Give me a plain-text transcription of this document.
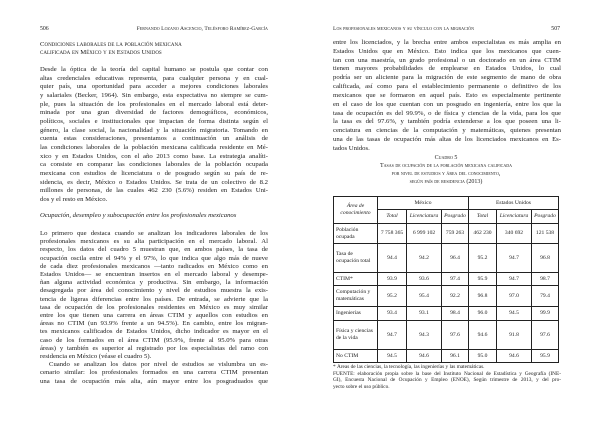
506	Fernando Lozano Ascencio, Telésforo Ramírez-García
Condiciones laborales de la población mexicana
calificada en México y en Estados Unidos
Desde la óptica de la teoría del capital humano se postula que contar con
altas credenciales educativas representa, para cualquier persona y en cual-
quier país, una oportunidad para acceder a mejores condiciones laborales
y salariales (Becker, 1964). Sin embargo, esta expectativa no siempre se cum-
ple, pues la situación de los profesionales en el mercado laboral está deter-
minada por una gran diversidad de factores demográficos, económicos,
políticos, sociales e institucionales que impactan de forma distinta según el
género, la clase social, la nacionalidad y la situación migratoria. Tomando en
cuenta estas consideraciones, presentamos a continuación un análisis de
las condiciones laborales de la población mexicana calificada residente en Mé-
xico y en Estados Unidos, con el año 2013 como base. La estrategia analíti-
ca consiste en comparar las condiciones laborales de la población ocupada
mexicana con estudios de licenciatura o de posgrado según su país de re-
sidencia, es decir, México o Estados Unidos. Se trata de un colectivo de 8.2
millones de personas, de las cuales 462 230 (5.6%) residen en Estados Uni-
dos y el resto en México.
Ocupación, desempleo y subocupación entre los profesionales mexicanos
Lo primero que destaca cuando se analizan los indicadores laborales de los
profesionales mexicanos es su alta participación en el mercado laboral. Al
respecto, los datos del cuadro 5 muestran que, en ambos países, la tasa de
ocupación oscila entre el 94% y el 97%, lo que indica que algo más de nueve
de cada diez profesionales mexicanos —tanto radicados en México como en
Estados Unidos— se encuentran insertos en el mercado laboral y desempe-
ñan alguna actividad económica y productiva. Sin embargo, la información
desagregada por área del conocimiento y nivel de estudios muestra la exis-
tencia de ligeras diferencias entre los países. De entrada, se advierte que la
tasa de ocupación de los profesionales residentes en México es muy similar
entre los que tienen una carrera en áreas CTIM y aquellos con estudios en
áreas no CTIM (un 93.9% frente a un 94.5%). En cambio, entre los migran-
tes mexicanos calificados de Estados Unidos, dicho indicador es mayor en el
caso de los formados en el área CTIM (95.9%, frente al 95.0% para otras
áreas) y también es superior al registrado por los especialistas del ramo con
residencia en México (véase el cuadro 5).
Cuando se analizan los datos por nivel de estudios se vislumbra un es-
cenario similar: los profesionales formados en una carrera CTIM presentan
una tasa de ocupación más alta, aún mayor entre los posgraduados que
Los profesionales mexicanos y su vínculo con la migración	507
entre los licenciados, y la brecha entre ambos especialistas es más amplia en
Estados Unidos que en México. Esto indica que los mexicanos que cuen-
tan con una maestría, un grado profesional o un doctorado en un área CTIM
tienen mayores probabilidades de emplearse en Estados Unidos, lo cual
podría ser un aliciente para la migración de este segmento de mano de obra
calificada, así como para el establecimiento permanente o definitivo de los
mexicanos que se formaron en aquel país. Esto es especialmente pertinente
en el caso de los que cuentan con un posgrado en ingeniería, entre los que la
tasa de ocupación es del 99.9%, o de física y ciencias de la vida, para los que
la tasa es del 97.6%, y también podría extenderse a los que poseen una li-
cenciatura en ciencias de la computación y matemáticas, quienes presentan
una de las tasas de ocupación más altas de los licenciados mexicanos en Es-
tados Unidos.
Cuadro 5
Tasas de ocupación de la población mexicana calificada
por nivel de estudios y área del conocimiento,
según país de residencia (2013)
Área de conocimiento	México			Estados Unidos		
	Total	Licenciatura	Posgrado	Total	Licenciatura	Posgrado
Población ocupada	7 758 365	6 999 102	759 263	462 230	340 692	121 538
Tasa de ocupación total	94.4	94.2	96.4	95.2	94.7	96.8
CTIM*	93.9	93.6	97.4	95.9	94.7	98.7
Computación y matemáticas	95.2	95.4	92.2	96.8	97.0	79.4
Ingenierías	93.4	93.1	98.4	96.0	94.5	99.9
Física y ciencias de la vida	94.7	94.3	97.6	94.6	91.8	97.6
No CTIM	94.5	94.6	96.1	95.0	94.6	95.9
* Áreas de las ciencias, la tecnología, las ingenierías y las matemáticas.
FUENTE: elaboración propia sobre la base del Instituto Nacional de Estadística y Geografía (INE-
GI), Encuesta Nacional de Ocupación y Empleo (ENOE), Según trimestre de 2013, y del pro-
yecto sobre el uso público.
